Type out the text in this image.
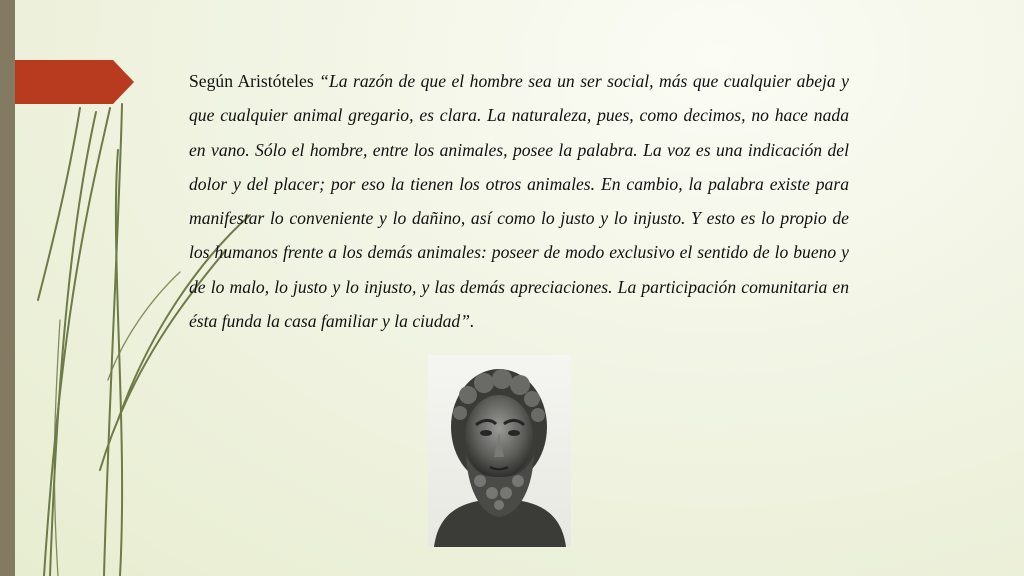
Según Aristóteles “La razón de que el hombre sea un ser social, más que cualquier abeja y que cualquier animal gregario, es clara. La naturaleza, pues, como decimos, no hace nada en vano. Sólo el hombre, entre los animales, posee la palabra. La voz es una indicación del dolor y del placer; por eso la tienen los otros animales. En cambio, la palabra existe para manifestar lo conveniente y lo dañino, así como lo justo y lo injusto. Y esto es lo propio de los humanos frente a los demás animales: poseer de modo exclusivo el sentido de lo bueno y de lo malo, lo justo y lo injusto, y las demás apreciaciones. La participación comunitaria en ésta funda la casa familiar y la ciudad”.
